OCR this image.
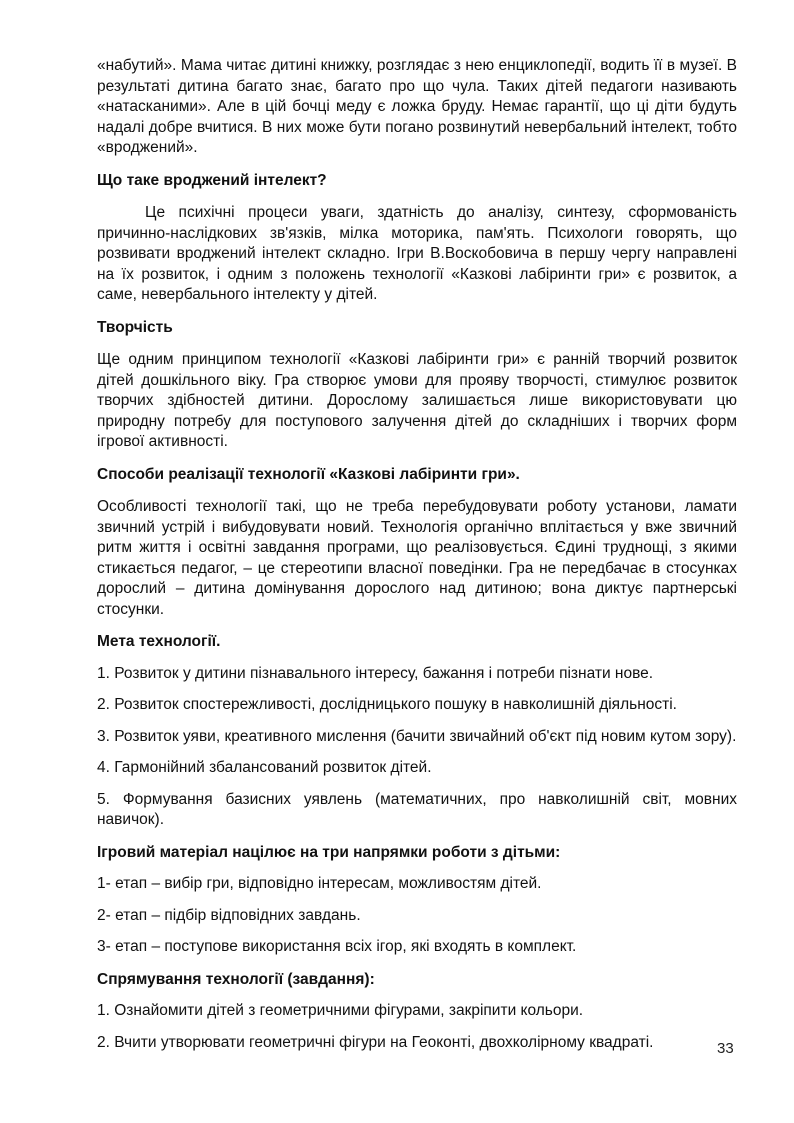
«набутий». Мама читає дитині книжку, розглядає з нею енциклопедії, водить її в музеї. В результаті дитина багато знає, багато про що чула. Таких дітей педагоги називають «натасканими». Але в цій бочці меду є ложка бруду. Немає гарантії, що ці діти будуть надалі добре вчитися. В них може бути погано розвинутий невербальний інтелект, тобто «вроджений».

Що таке вроджений інтелект?

Це психічні процеси уваги, здатність до аналізу, синтезу, сформованість причинно-наслідкових зв'язків, мілка моторика, пам'ять. Психологи говорять, що розвивати вроджений інтелект складно. Ігри В.Воскобовича в першу чергу направлені на їх розвиток, і одним з положень технології «Казкові лабіринти гри» є розвиток, а саме, невербального інтелекту у дітей.

Творчість

Ще одним принципом технології «Казкові лабіринти гри» є ранній творчий розвиток дітей дошкільного віку. Гра створює умови для прояву творчості, стимулює розвиток творчих здібностей дитини. Дорослому залишається лише використовувати цю природну потребу для поступового залучення дітей до складніших і творчих форм ігрової активності.

Способи реалізації технології «Казкові лабіринти гри».

Особливості технології такі, що не треба перебудовувати роботу установи, ламати звичний устрій і вибудовувати новий. Технологія органічно вплітається у вже звичний ритм життя і освітні завдання програми, що реалізовується. Єдині труднощі, з якими стикається педагог, – це стереотипи власної поведінки. Гра не передбачає в стосунках дорослий – дитина домінування дорослого над дитиною; вона диктує партнерські стосунки.

Мета технології.

1. Розвиток у дитини пізнавального інтересу, бажання і потреби пізнати нове.

2. Розвиток спостережливості, дослідницького пошуку в навколишній діяльності.

3. Розвиток уяви, креативного мислення (бачити звичайний об'єкт під новим кутом зору).

4. Гармонійний збалансований розвиток дітей.

5. Формування базисних уявлень (математичних, про навколишній світ, мовних навичок).

Ігровий матеріал націлює на три напрямки роботи з дітьми:

1- етап – вибір гри, відповідно інтересам, можливостям дітей.

2- етап – підбір відповідних завдань.

3- етап – поступове використання всіх ігор, які входять в комплект.

Спрямування технології (завдання):

1. Ознайомити дітей з геометричними фігурами, закріпити кольори.

2. Вчити утворювати геометричні фігури на Геоконті, двохколірному квадраті.	33
